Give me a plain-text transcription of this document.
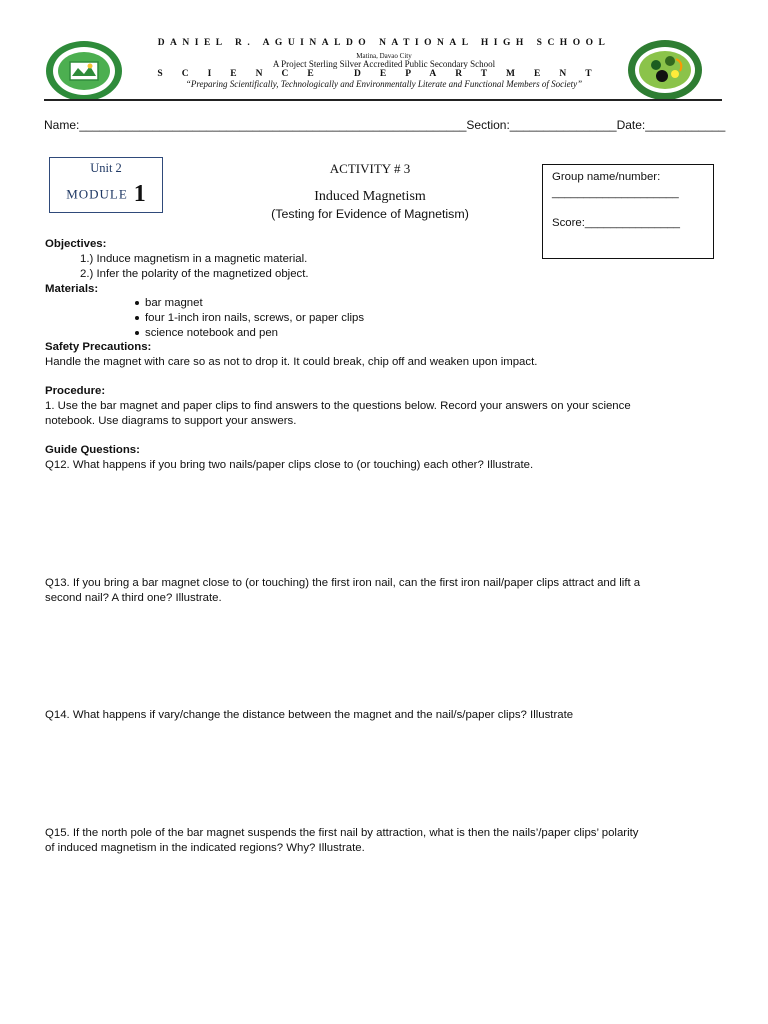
DANIEL R. AGUINALDO NATIONAL HIGH SCHOOL
Matina, Davao City
A Project Sterling Silver Accredited Public Secondary School
SCIENCE DEPARTMENT
“Preparing Scientifically, Technologically and Environmentally Literate and Functional Members of Society”
Name:__________________________________________________________Section:________________Date:____________
Unit 2
MODULE 1
ACTIVITY # 3
Induced Magnetism
(Testing for Evidence of Magnetism)
Group name/number:
____________________
Score:_______________
Objectives:
1.) Induce magnetism in a magnetic material.
2.) Infer the polarity of the magnetized object.
Materials:
bar magnet
four 1-inch iron nails, screws, or paper clips
science notebook and pen
Safety Precautions:
Handle the magnet with care so as not to drop it. It could break, chip off and weaken upon impact.
Procedure:
1. Use the bar magnet and paper clips to find answers to the questions below. Record your answers on your science
notebook. Use diagrams to support your answers.
Guide Questions:
Q12. What happens if you bring two nails/paper clips close to (or touching) each other? Illustrate.
Q13. If you bring a bar magnet close to (or touching) the first iron nail, can the first iron nail/paper clips attract and lift a
second nail? A third one? Illustrate.
Q14. What happens if vary/change the distance between the magnet and the nail/s/paper clips? Illustrate
Q15. If the north pole of the bar magnet suspends the first nail by attraction, what is then the nails’/paper clips’ polarity
of induced magnetism in the indicated regions? Why? Illustrate.
